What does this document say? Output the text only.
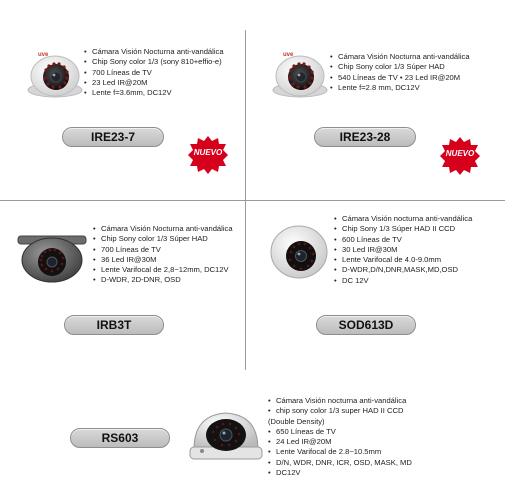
uve	• Cámara Visión Nocturna anti-vandálica
• Chip Sony color 1/3 (sony 810+effio-e)
• 700 Líneas de TV
• 23 Led IR@20M
• Lente f=3.6mm, DC12V
IRE23-7
NUEVO
uve	• Cámara Visión Nocturna anti-vandálica
• Chip Sony color 1/3 Súper HAD
• 540 Líneas de TV • 23 Led IR@20M
• Lente f=2.8 mm, DC12V
IRE23-28
NUEVO
• Cámara Visión Nocturna anti-vandálica
• Chip Sony color 1/3 Súper HAD
• 700 Líneas de TV
• 36 Led IR@30M
• Lente Varifocal de 2,8~12mm, DC12V
• D-WDR, 2D-DNR, OSD
IRB3T
• Cámara Visión nocturna anti-vandálica
• Chip Sony 1/3 Súper HAD II CCD
• 600 Líneas de TV
• 30 Led IR@30M
• Lente Varifocal de 4.0-9.0mm
• D-WDR,D/N,DNR,MASK,MD,OSD
• DC 12V
SOD613D
RS603
• Cámara Visión nocturna anti-vandálica
• chip sony color 1/3 super HAD II CCD
(Double Density)
• 650 Líneas de TV
• 24 Led IR@20M
• Lente Varifocal de 2.8~10.5mm
• D/N, WDR, DNR, ICR, OSD, MASK, MD
• DC12V
